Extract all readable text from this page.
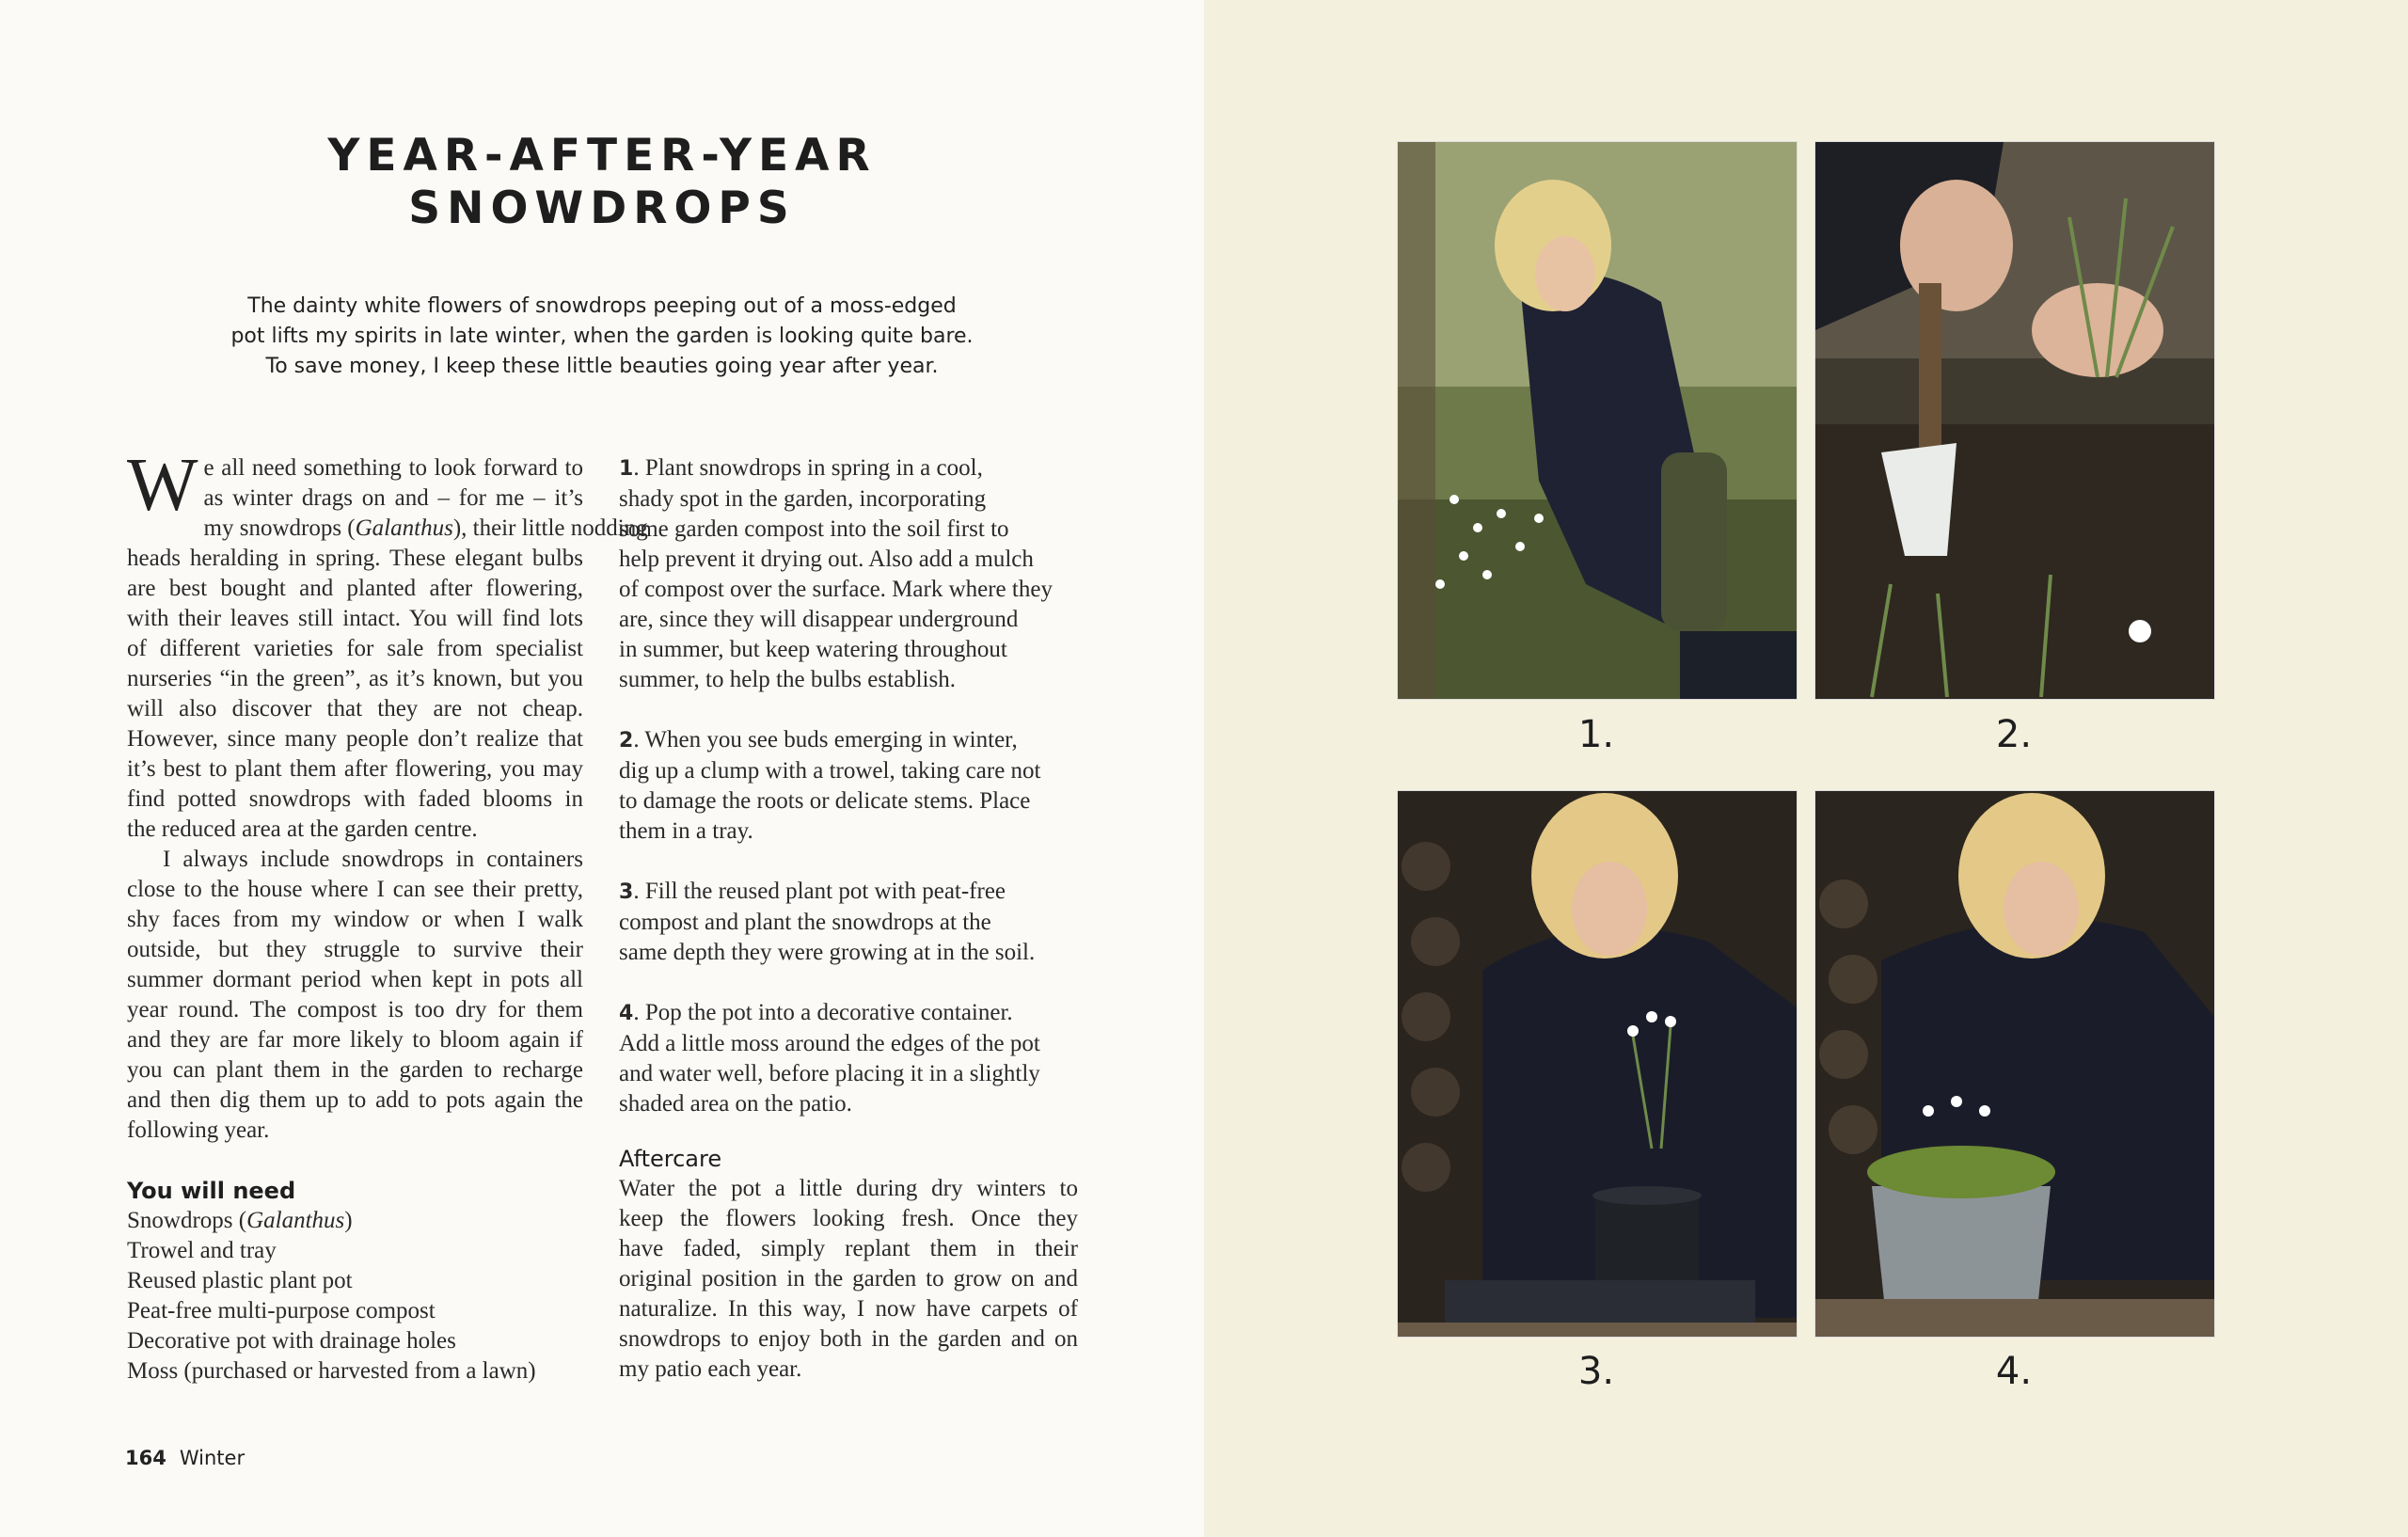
YEAR-AFTER-YEAR
SNOWDROPS

The dainty white flowers of snowdrops peeping out of a moss-edged
pot lifts my spirits in late winter, when the garden is looking quite bare.
To save money, I keep these little beauties going year after year.

W e all need something to look forward to
as winter drags on and – for me – it’s
my snowdrops (Galanthus), their little nodding
heads heralding in spring. These elegant bulbs
are best bought and planted after flowering,
with their leaves still intact. You will find lots
of different varieties for sale from specialist
nurseries “in the green”, as it’s known, but you
will also discover that they are not cheap.
However, since many people don’t realize that
it’s best to plant them after flowering, you may
find potted snowdrops with faded blooms in
the reduced area at the garden centre.
I always include snowdrops in containers
close to the house where I can see their pretty,
shy faces from my window or when I walk
outside, but they struggle to survive their
summer dormant period when kept in pots all
year round. The compost is too dry for them
and they are far more likely to bloom again if
you can plant them in the garden to recharge
and then dig them up to add to pots again the
following year.
You will need
Snowdrops (Galanthus)
Trowel and tray
Reused plastic plant pot
Peat-free multi-purpose compost
Decorative pot with drainage holes
Moss (purchased or harvested from a lawn)
1. Plant snowdrops in spring in a cool,
shady spot in the garden, incorporating
some garden compost into the soil first to
help prevent it drying out. Also add a mulch
of compost over the surface. Mark where they
are, since they will disappear underground
in summer, but keep watering throughout
summer, to help the bulbs establish.
2. When you see buds emerging in winter,
dig up a clump with a trowel, taking care not
to damage the roots or delicate stems. Place
them in a tray.
3. Fill the reused plant pot with peat-free
compost and plant the snowdrops at the
same depth they were growing at in the soil.
4. Pop the pot into a decorative container.
Add a little moss around the edges of the pot
and water well, before placing it in a slightly
shaded area on the patio.
Aftercare
Water the pot a little during dry winters to
keep the flowers looking fresh. Once they
have faded, simply replant them in their
original position in the garden to grow on and
naturalize. In this way, I now have carpets of
snowdrops to enjoy both in the garden and on
my patio each year.
164 Winter
1.	2.
3.	4.
